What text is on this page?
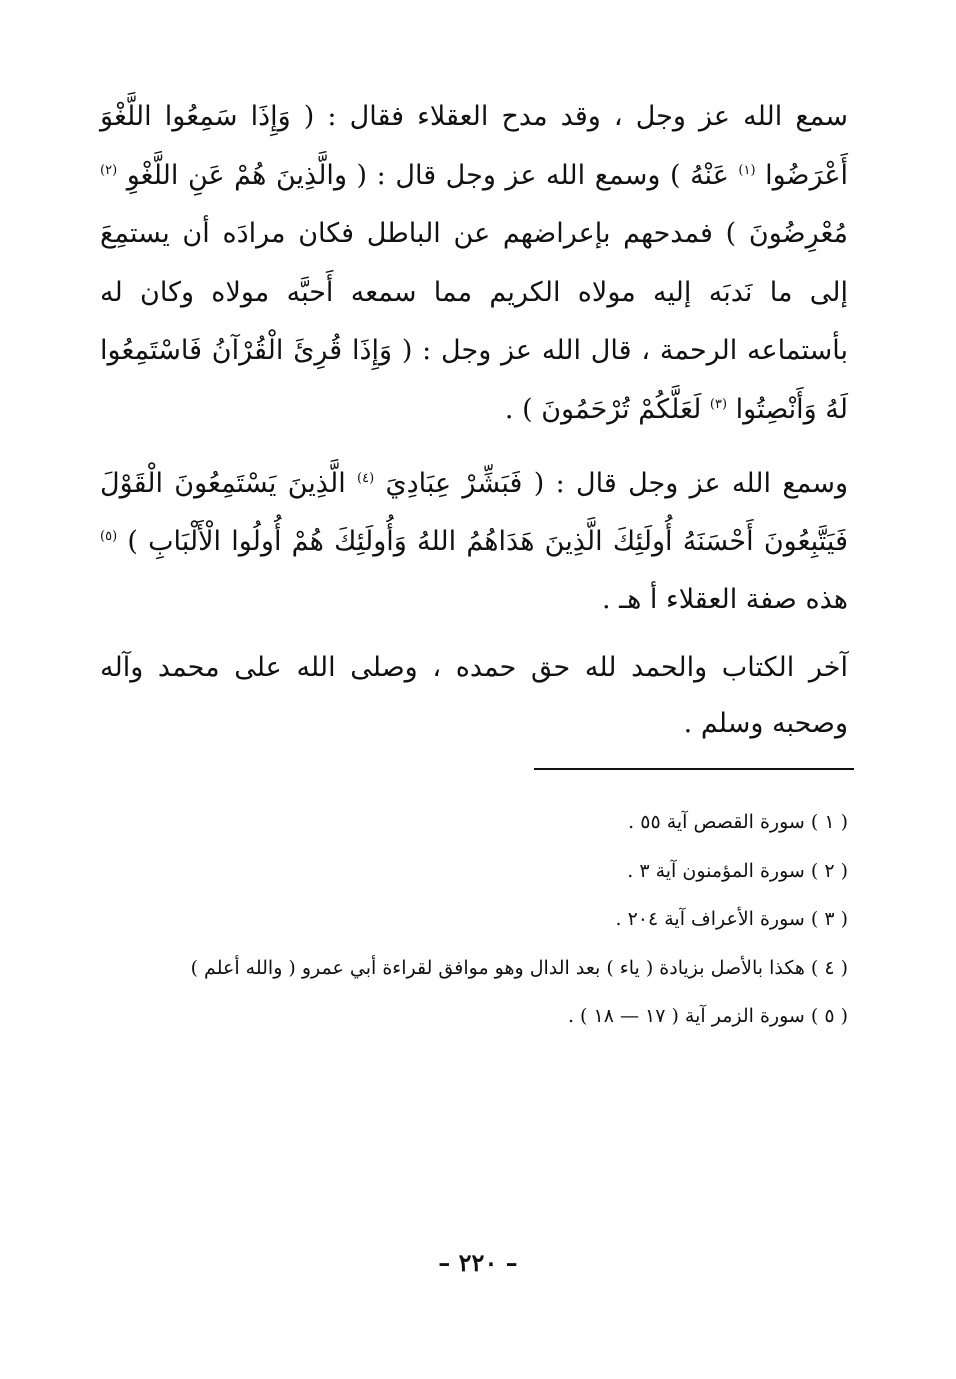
سمع الله عز وجل ، وقد مدح العقلاء فقال : ( وَإِذَا سَمِعُوا اللَّغْوَ أَعْرَضُوا $^{(١)}$ عَنْهُ ) وسمع الله عز وجل قال : ( والَّذِينَ هُمْ عَنِ اللَّغْوِ $^{(٢)}$ مُعْرِضُونَ ) فمدحهم بإعراضهم عن الباطل فكان مرادَه أن يستمِعَ إلى ما نَدبَه إليه مولاه الكريم مما سمعه أَحبَّه مولاه وكان له بأستماعه الرحمة ، قال الله عز وجل : ( وَإِذَا قُرِئَ الْقُرْآنُ فَاسْتَمِعُوا لَهُ وَأَنْصِتُوا $^{(٣)}$ لَعَلَّكُمْ تُرْحَمُونَ ) .

وسمع الله عز وجل قال : ( فَبَشِّرْ عِبَادِيَ $^{(٤)}$ الَّذِينَ يَسْتَمِعُونَ الْقَوْلَ فَيَتَّبِعُونَ أَحْسَنَهُ أُولَئِكَ الَّذِينَ هَدَاهُمُ اللهُ وَأُولَئِكَ هُمْ أُولُوا الْأَلْبَابِ ) $^{(٥)}$ هذه صفة العقلاء أ هـ .

آخر الكتاب والحمد لله حق حمده ، وصلى الله على محمد وآله وصحبه وسلم .

( ١ ) سورة القصص آية ٥٥ .
( ٢ ) سورة المؤمنون آية ٣ .
( ٣ ) سورة الأعراف آية ٢٠٤ .
( ٤ ) هكذا بالأصل بزيادة ( ياء ) بعد الدال وهو موافق لقراءة أبي عمرو ( والله أعلم )
( ٥ ) سورة الزمر آية ( ١٧ — ١٨ ) .
– ٢٢٠ –
